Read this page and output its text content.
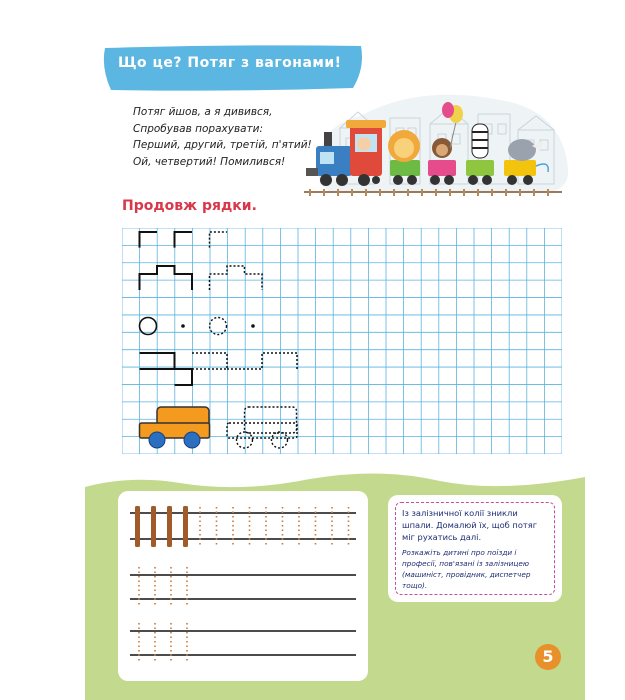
Що це? Потяг з вагонами!
Потяг йшов, а я дивився,
Спробував порахувати:
Перший, другий, третій, п'ятий!
Ой, четвертий! Помилився!
Продовж рядки.
Із залізничної колії зникли шпали. Домалюй їх, щоб потяг міг рухатись далі.
Розкажіть дитині про поїзди і професії, пов'язані із залізницею (машиніст, провідник, диспетчер тощо).
5
